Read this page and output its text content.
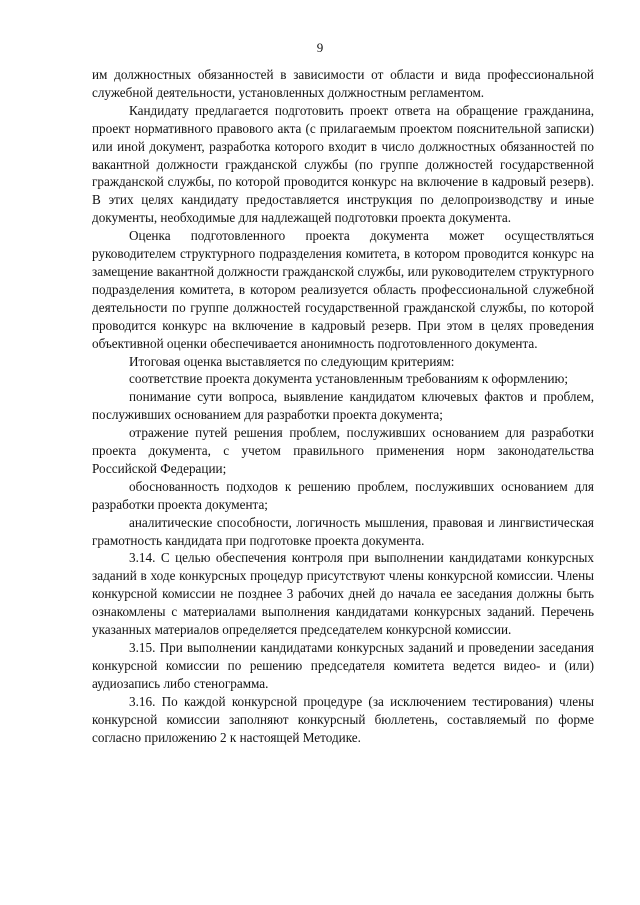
9

им должностных обязанностей в зависимости от области и вида профессиональной служебной деятельности, установленных должностным регламентом.

Кандидату предлагается подготовить проект ответа на обращение гражданина, проект нормативного правового акта (с прилагаемым проектом пояснительной записки) или иной документ, разработка которого входит в число должностных обязанностей по вакантной должности гражданской службы (по группе должностей государственной гражданской службы, по которой проводится конкурс на включение в кадровый резерв). В этих целях кандидату предоставляется инструкция по делопроизводству и иные документы, необходимые для надлежащей подготовки проекта документа.

Оценка подготовленного проекта документа может осуществляться руководителем структурного подразделения комитета, в котором проводится конкурс на замещение вакантной должности гражданской службы, или руководителем структурного подразделения комитета, в котором реализуется область профессиональной служебной деятельности по группе должностей государственной гражданской службы, по которой проводится конкурс на включение в кадровый резерв. При этом в целях проведения объективной оценки обеспечивается анонимность подготовленного документа.

Итоговая оценка выставляется по следующим критериям:

соответствие проекта документа установленным требованиям к оформлению;

понимание сути вопроса, выявление кандидатом ключевых фактов и проблем, послуживших основанием для разработки проекта документа;

отражение путей решения проблем, послуживших основанием для разработки проекта документа, с учетом правильного применения норм законодательства Российской Федерации;

обоснованность подходов к решению проблем, послуживших основанием для разработки проекта документа;

аналитические способности, логичность мышления, правовая и лингвистическая грамотность кандидата при подготовке проекта документа.

3.14. С целью обеспечения контроля при выполнении кандидатами конкурсных заданий в ходе конкурсных процедур присутствуют члены конкурсной комиссии. Члены конкурсной комиссии не позднее 3 рабочих дней до начала ее заседания должны быть ознакомлены с материалами выполнения кандидатами конкурсных заданий. Перечень указанных материалов определяется председателем конкурсной комиссии.

3.15. При выполнении кандидатами конкурсных заданий и проведении заседания конкурсной комиссии по решению председателя комитета ведется видео- и (или) аудиозапись либо стенограмма.

3.16. По каждой конкурсной процедуре (за исключением тестирования) члены конкурсной комиссии заполняют конкурсный бюллетень, составляемый по форме согласно приложению 2 к настоящей Методике.
